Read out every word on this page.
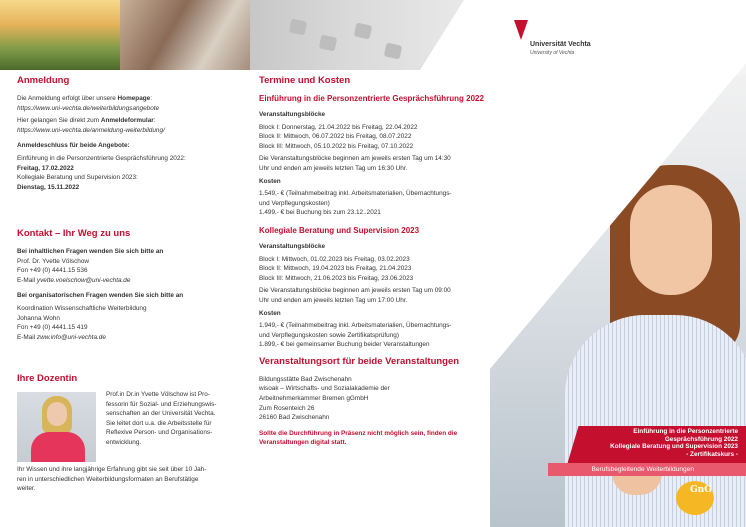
Anmeldung

Die Anmeldung erfolgt über unsere Homepage:

https://www.uni-vechta.de/weiterbildungsangebote

Hier gelangen Sie direkt zum Anmeldeformular:

https://www.uni-vechta.de/anmeldung-weiterbildung/

Anmeldeschluss für beide Angebote:

Einführung in die Personzentrierte Gesprächsführung 2022:

Freitag, 17.02.2022

Kollegiale Beratung und Supervision 2023:

Dienstag, 15.11.2022

Kontakt – Ihr Weg zu uns

Bei inhaltlichen Fragen wenden Sie sich bitte an

Prof. Dr. Yvette Völschow

Fon +49 (0) 4441.15 536

E-Mail yvette.voelschow@uni-vechta.de

Bei organisatorischen Fragen wenden Sie sich bitte an

Koordination Wissenschaftliche Weiterbildung

Johanna Wohn

Fon +49 (0) 4441.15 419

E-Mail zww.info@uni-vechta.de

Ihre Dozentin

Prof.in Dr.in Yvette Völschow ist Pro-

fessorin für Sozial- und Erziehungswis-

senschaften an der Universität Vechta.

Sie leitet dort u.a. die Arbeitsstelle für

Reflexive Person- und Organisations-

entwicklung.

Ihr Wissen und ihre langjährige Erfahrung gibt sie seit über 10 Jah-

ren in unterschiedlichen Weiterbildungsformaten an Berufstätige

weiter.

Termine und Kosten
Einführung in die Personzentrierte Gesprächsführung 2022

Veranstaltungsblöcke

Block I: Donnerstag, 21.04.2022 bis Freitag, 22.04.2022

Block II: Mittwoch, 06.07.2022 bis Freitag, 08.07.2022

Block III: Mittwoch, 05.10.2022 bis Freitag, 07.10.2022

Die Veranstaltungsblöcke beginnen am jeweils ersten Tag um 14:30

Uhr und enden am jeweils letzten Tag um 16:30 Uhr.

Kosten

1.549,- € (Teilnahmebeitrag inkl. Arbeitsmaterialien, Übernachtungs-

und Verpflegungskosten)

1.499,- € bei Buchung bis zum 23.12..2021

Kollegiale Beratung und Supervision 2023

Veranstaltungsblöcke

Block I: Mittwoch, 01.02.2023 bis Freitag, 03.02.2023

Block II: Mittwoch, 19.04.2023 bis Freitag, 21.04.2023

Block III: Mittwoch, 21.06.2023 bis Freitag, 23.06.2023

Die Veranstaltungsblöcke beginnen am jeweils ersten Tag um 09:00

Uhr und enden am jeweils letzten Tag um 17:00 Uhr.

Kosten

1.949,- € (Teilnahmebeitrag inkl. Arbeitsmaterialien, Übernachtungs-

und Verpflegungskosten sowie Zertifikatsprüfung)

1.899,- € bei gemeinsamer Buchung beider Veranstaltungen

Veranstaltungsort für beide Veranstaltungen

Bildungsstätte Bad Zwischenahn

wisoak – Wirtschafts- und Sozialakademie der

Arbeitnehmerkammer Bremen gGmbH

Zum Rosenteich 26

26160 Bad Zwischenahn

Sollte die Durchführung in Präsenz nicht möglich sein, finden die

Veranstaltungen digital statt.

Universität Vechta
University of Vechta
Einführung in die Personzentrierte
Gesprächsführung 2022
Kollegiale Beratung und Supervision 2023
- Zertifikatskurs -
Berufsbegleitende Weiterbildungen
GnG
